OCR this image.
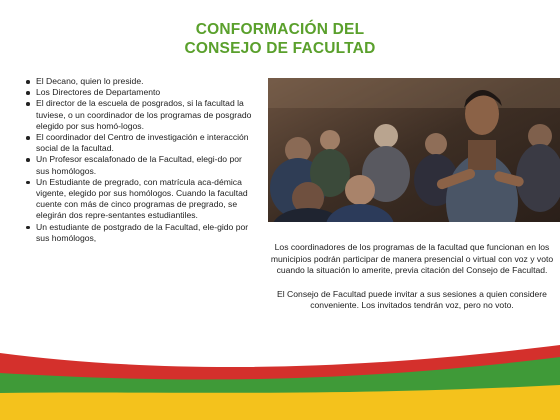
CONFORMACIÓN DEL
CONSEJO DE FACULTAD
El Decano, quien lo preside.
Los Directores de Departamento
El director de la escuela de posgrados, si la facultad la tuviese, o un coordinador de los programas de posgrado elegido por sus homó-logos.
El coordinador del Centro de investigación e interacción social de la facultad.
Un Profesor escalafonado de la Facultad, elegi-do por sus homólogos.
Un Estudiante de pregrado, con matrícula aca-démica vigente, elegido por sus homólogos. Cuando la facultad cuente con más de cinco programas de pregrado, se elegirán dos repre-sentantes estudiantiles.
Un estudiante de postgrado de la Facultad, ele-gido por sus homólogos,

Los coordinadores de los programas de la facultad que funcionan en los municipios podrán participar de manera presencial o virtual con voz y voto cuando la situación lo amerite, previa citación del Consejo de Facultad.

El Consejo de Facultad puede invitar a sus sesiones a quien considere conveniente. Los invitados tendrán voz, pero no voto.
